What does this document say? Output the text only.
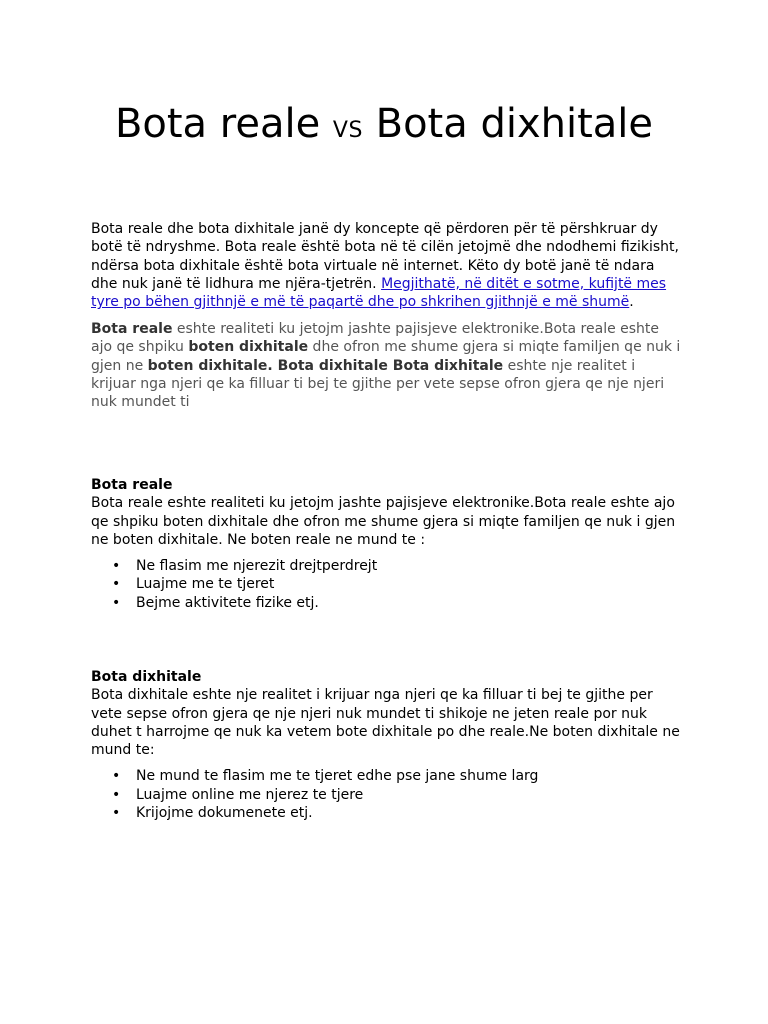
Bota reale VS Bota dixhitale
Bota reale dhe bota dixhitale janë dy koncepte që përdoren për të përshkruar dy botë të ndryshme. Bota reale është bota në të cilën jetojmë dhe ndodhemi fizikisht, ndërsa bota dixhitale është bota virtuale në internet. Këto dy botë janë të ndara dhe nuk janë të lidhura me njëra-tjetrën. Megjithatë, në ditët e sotme, kufijtë mes tyre po bëhen gjithnjë e më të paqartë dhe po shkrihen gjithnjë e më shumë.
Bota reale eshte realiteti ku jetojm jashte pajisjeve elektronike.Bota reale eshte ajo qe shpiku boten dixhitale dhe ofron me shume gjera si miqte familjen qe nuk i gjen ne boten dixhitale. Bota dixhitale Bota dixhitale eshte nje realitet i krijuar nga njeri qe ka filluar ti bej te gjithe per vete sepse ofron gjera qe nje njeri nuk mundet ti
Bota reale
Bota reale eshte realiteti ku jetojm jashte pajisjeve elektronike.Bota reale eshte ajo qe shpiku boten dixhitale dhe ofron me shume gjera si miqte familjen qe nuk i gjen ne boten dixhitale. Ne boten reale ne mund te :
• Ne flasim me njerezit drejtperdrejt
• Luajme me te tjeret
• Bejme aktivitete fizike etj.
Bota dixhitale
Bota dixhitale eshte nje realitet i krijuar nga njeri qe ka filluar ti bej te gjithe per vete sepse ofron gjera qe nje njeri nuk mundet ti shikoje ne jeten reale por nuk duhet t harrojme qe nuk ka vetem bote dixhitale po dhe reale.Ne boten dixhitale ne mund te:
• Ne mund te flasim me te tjeret edhe pse jane shume larg
• Luajme online me njerez te tjere
• Krijojme dokumenete etj.
